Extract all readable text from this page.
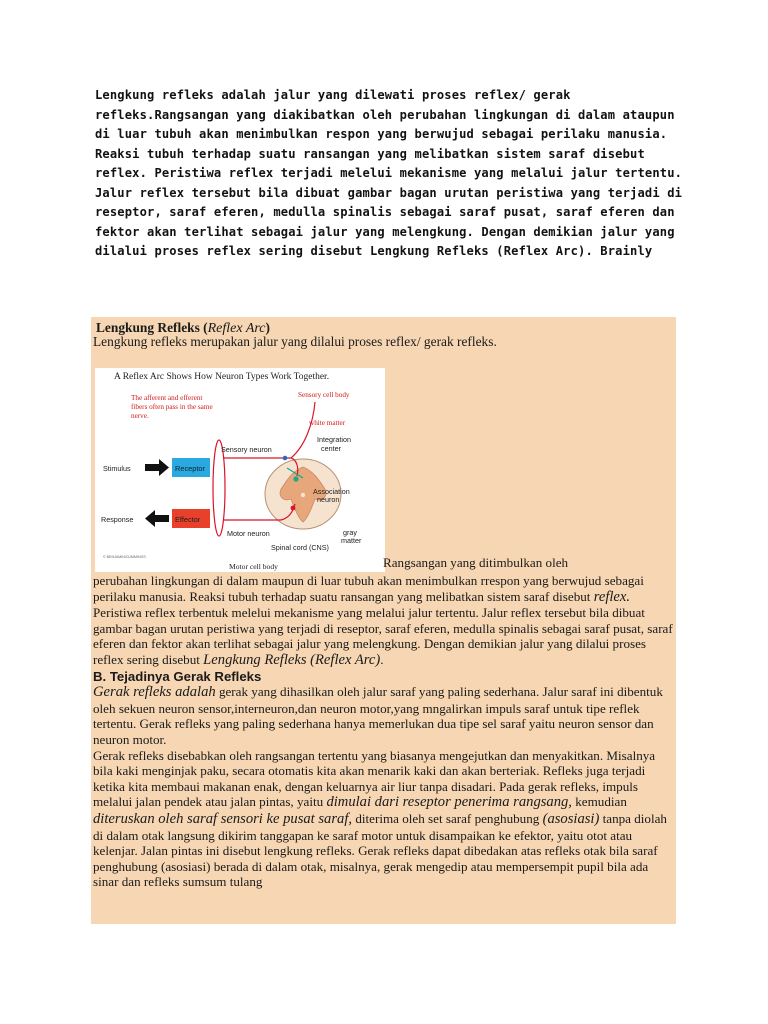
Lengkung refleks adalah jalur yang dilewati proses reflex/ gerak refleks.Rangsangan yang diakibatkan oleh perubahan lingkungan di dalam ataupun di luar tubuh akan menimbulkan respon yang berwujud sebagai perilaku manusia. Reaksi tubuh terhadap suatu ransangan yang melibatkan sistem saraf disebut reflex. Peristiwa reflex terjadi melelui mekanisme yang melalui jalur tertentu. Jalur reflex tersebut bila dibuat gambar bagan urutan peristiwa yang terjadi di reseptor, saraf eferen, medulla spinalis sebagai saraf pusat, saraf eferen dan fektor akan terlihat sebagai jalur yang melengkung. Dengan demikian jalur yang dilalui proses reflex sering disebut Lengkung Refleks (Reflex Arc). Brainly

Lengkung Refleks (Reflex Arc)
Lengkung refleks merupakan jalur yang dilalui proses reflex/ gerak refleks.
A Reflex Arc Shows How Neuron Types Work Together.
The afferent and efferent
fibers often pass in the same
nerve.
Sensory cell body
white matter
Receptor
Effector
Stimulus
Response
Sensory neuron
Integration
center
Association
neuron
Motor neuron
Spinal cord (CNS)
gray
matter
© BENJAMIN/CUMMINGS
Motor cell body	Rangsangan yang ditimbulkan oleh

perubahan lingkungan di dalam maupun di luar tubuh akan menimbulkan rrespon yang berwujud sebagai perilaku manusia. Reaksi tubuh terhadap suatu ransangan yang melibatkan sistem saraf disebut reflex. Peristiwa reflex terbentuk melelui mekanisme yang melalui jalur tertentu. Jalur reflex tersebut bila dibuat gambar bagan urutan peristiwa yang terjadi di reseptor, saraf eferen, medulla spinalis sebagai saraf pusat, saraf eferen dan fektor akan terlihat sebagai jalur yang melengkung. Dengan demikian jalur yang dilalui proses reflex sering disebut Lengkung Refleks (Reflex Arc).

B. Tejadinya Gerak Refleks

Gerak refleks adalah gerak yang dihasilkan oleh jalur saraf yang paling sederhana. Jalur saraf ini dibentuk oleh sekuen neuron sensor,interneuron,dan neuron motor,yang mngalirkan impuls saraf untuk tipe reflek tertentu. Gerak refleks yang paling sederhana hanya memerlukan dua tipe sel saraf yaitu neuron sensor dan neuron motor.

Gerak refleks disebabkan oleh rangsangan tertentu yang biasanya mengejutkan dan menyakitkan. Misalnya bila kaki menginjak paku, secara otomatis kita akan menarik kaki dan akan berteriak. Refleks juga terjadi ketika kita membaui makanan enak, dengan keluarnya air liur tanpa disadari. Pada gerak refleks, impuls melalui jalan pendek atau jalan pintas, yaitu dimulai dari reseptor penerima rangsang, kemudian diteruskan oleh saraf sensori ke pusat saraf, diterima oleh set saraf penghubung (asosiasi) tanpa diolah di dalam otak langsung dikirim tanggapan ke saraf motor untuk disampaikan ke efektor, yaitu otot atau kelenjar. Jalan pintas ini disebut lengkung refleks. Gerak refleks dapat dibedakan atas refleks otak bila saraf penghubung (asosiasi) berada di dalam otak, misalnya, gerak mengedip atau mempersempit pupil bila ada sinar dan refleks sumsum tulang
